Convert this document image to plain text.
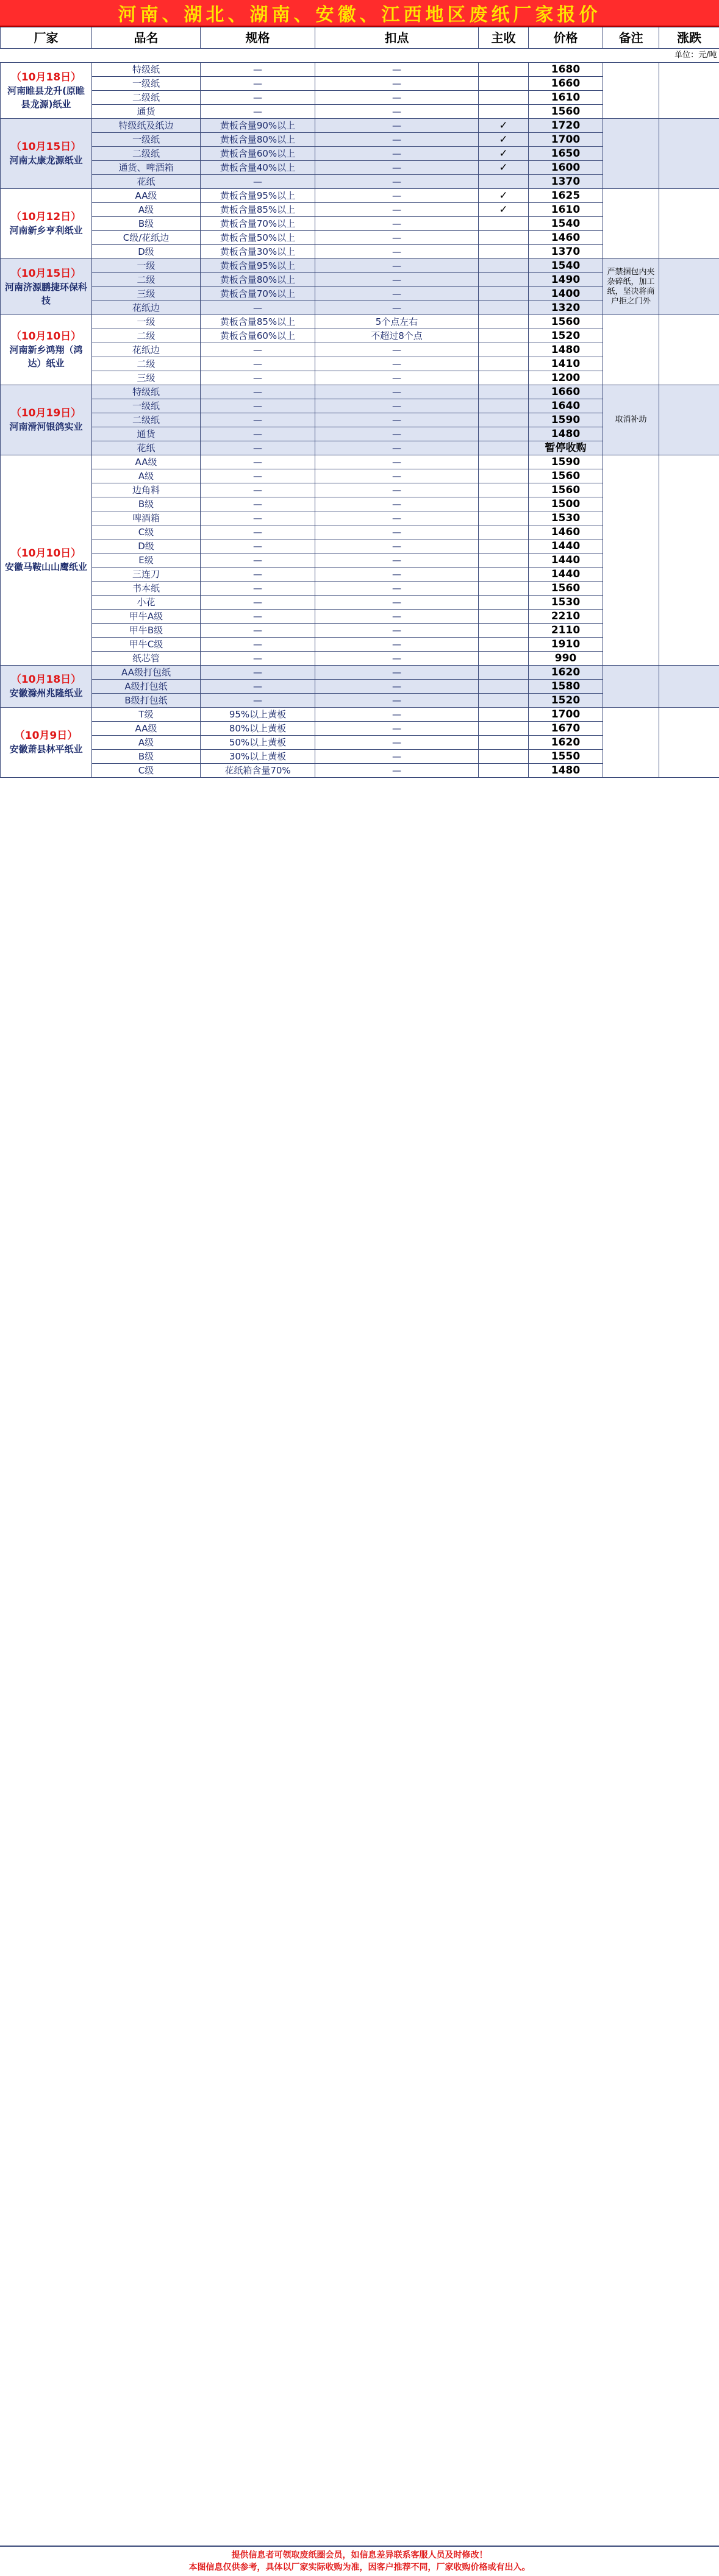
河南、湖北、湖南、安徽、江西地区废纸厂家报价
厂家	品名	规格	扣点	主收	价格	备注	涨跌
单位：元/吨							

（10月18日）
河南睢县龙升(原睢县龙源)纸业	特级纸	—	—		1680		
	一级纸	—	—		1660		
	二级纸	—	—		1610		
	通货	—	—		1560		

（10月15日）
河南太康龙源纸业	特级纸及纸边	黄板含量90%以上	—	✓	1720		
	一级纸	黄板含量80%以上	—	✓	1700		
	二级纸	黄板含量60%以上	—	✓	1650		
	通货、啤酒箱	黄板含量40%以上	—	✓	1600		
	花纸	—	—		1370		

（10月12日）
河南新乡亨利纸业	AA级	黄板含量95%以上	—	✓	1625		
	A级	黄板含量85%以上	—	✓	1610		
	B级	黄板含量70%以上	—		1540		
	C级/花纸边	黄板含量50%以上	—		1460		
	D级	黄板含量30%以上	—		1370		

（10月15日）
河南济源鹏捷环保科技	一级	黄板含量95%以上	—		1540	严禁捆包内夹杂碎纸，加工纸，坚决将商户拒之门外	
	二级	黄板含量80%以上	—		1490		
	三级	黄板含量70%以上	—		1400		
	花纸边	—	—		1320		

（10月10日）
河南新乡鸿翔（鸿达）纸业	一级	黄板含量85%以上	5个点左右		1560		
	二级	黄板含量60%以上	不超过8个点		1520		
	花纸边	—	—		1480		
	二级	—	—		1410		
	三级	—	—		1200		

（10月19日）
河南滑河银鸽实业	特级纸	—	—		1660	取消补助	
	一级纸	—	—		1640		
	二级纸	—	—		1590		
	通货	—	—		1480		
	花纸	—	—		暂停收购		

（10月10日）
安徽马鞍山山鹰纸业	AA级	—	—		1590		
	A级	—	—		1560		
	边角料	—	—		1560		
	B级	—	—		1500		
	啤酒箱	—	—		1530		
	C级	—	—		1460		
	D级	—	—		1440		
	E级	—	—		1440		
	三连刀	—	—		1440		
	书本纸	—	—		1560		
	小花	—	—		1530		
	甲牛A级	—	—		2210		
	甲牛B级	—	—		2110		
	甲牛C级	—	—		1910		
	纸芯管	—	—		990		

（10月18日）
安徽滁州兆隆纸业	AA级打包纸	—	—		1620		
	A级打包纸	—	—		1580		
	B级打包纸	—	—		1520		

（10月9日）
安徽萧县林平纸业	T级	95%以上黄板	—		1700		
	AA级	80%以上黄板	—		1670		
	A级	50%以上黄板	—		1620		
	B级	30%以上黄板	—		1550		
	C级	花纸箱含量70%	—		1480		
提供信息者可领取废纸圈会员，如信息差异联系客服人员及时修改！
本图信息仅供参考，具体以厂家实际收购为准，因客户推荐不同，厂家收购价格或有出入。
